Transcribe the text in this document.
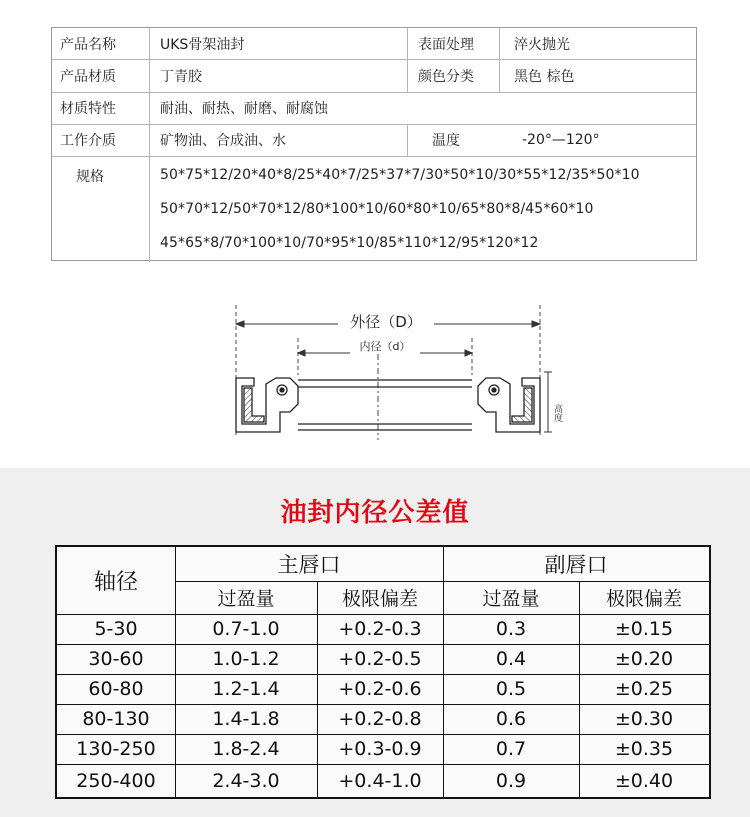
产品名称	UKS骨架油封	表面处理	淬火抛光
产品材质	丁青胶	颜色分类	黑色 棕色
材质特性	耐油、耐热、耐磨、耐腐蚀
工作介质	矿物油、合成油、水	温度	-20°—120°
规格	50*75*12/20*40*8/25*40*7/25*37*7/30*50*10/30*55*12/35*50*10
50*70*12/50*70*12/80*100*10/60*80*10/65*80*8/45*60*10
45*65*8/70*100*10/70*95*10/85*110*12/95*120*12
外径（D）
内径（d）
高度
油封内径公差值
轴径
主唇口	副唇口
过盈量	极限偏差	过盈量	极限偏差
5-30	0.7-1.0	+0.2-0.3	0.3	±0.15
30-60	1.0-1.2	+0.2-0.5	0.4	±0.20
60-80	1.2-1.4	+0.2-0.6	0.5	±0.25
80-130	1.4-1.8	+0.2-0.8	0.6	±0.30
130-250	1.8-2.4	+0.3-0.9	0.7	±0.35
250-400	2.4-3.0	+0.4-1.0	0.9	±0.40
